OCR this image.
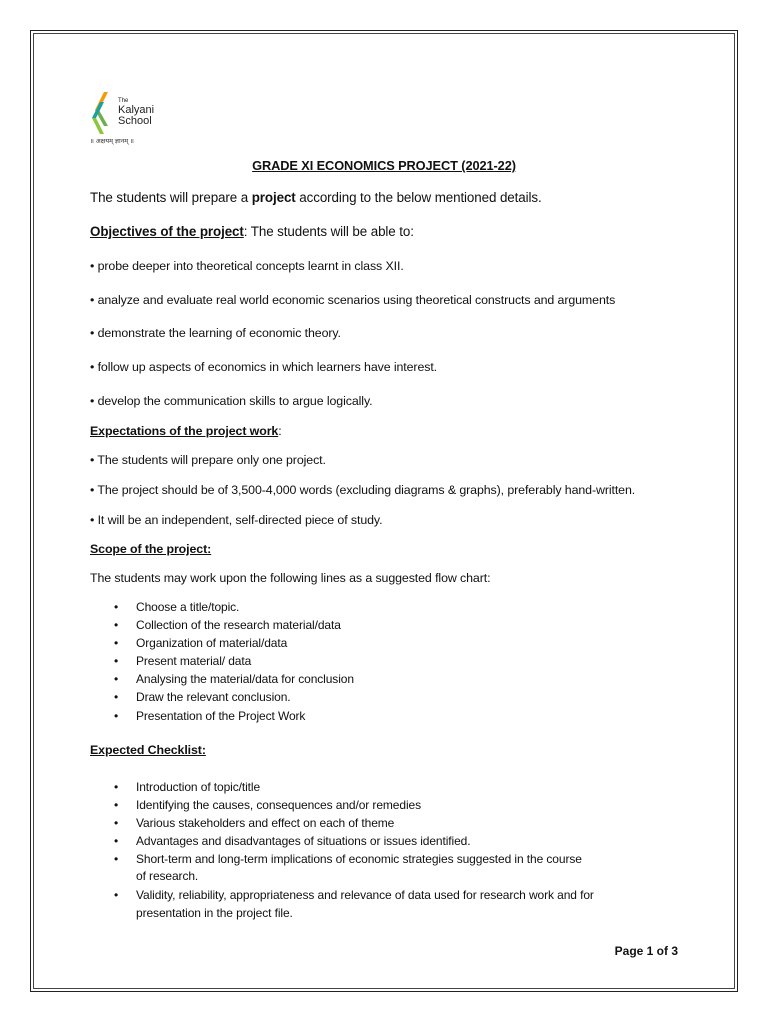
The
Kalyani
School
॥ अक्षयम् ज्ञानम् ॥
GRADE XI ECONOMICS PROJECT (2021-22)
The students will prepare a project according to the below mentioned details.
Objectives of the project: The students will be able to:
• probe deeper into theoretical concepts learnt in class XII.
• analyze and evaluate real world economic scenarios using theoretical constructs and arguments
• demonstrate the learning of economic theory.
• follow up aspects of economics in which learners have interest.
• develop the communication skills to argue logically.
Expectations of the project work:
• The students will prepare only one project.
• The project should be of 3,500-4,000 words (excluding diagrams & graphs), preferably hand-written.
• It will be an independent, self-directed piece of study.
Scope of the project:
The students may work upon the following lines as a suggested flow chart:
• Choose a title/topic.
• Collection of the research material/data
• Organization of material/data
• Present material/ data
• Analysing the material/data for conclusion
• Draw the relevant conclusion.
• Presentation of the Project Work
Expected Checklist:
• Introduction of topic/title
• Identifying the causes, consequences and/or remedies
• Various stakeholders and effect on each of theme
• Advantages and disadvantages of situations or issues identified.
• Short-term and long-term implications of economic strategies suggested in the course
of research.
• Validity, reliability, appropriateness and relevance of data used for research work and for
presentation in the project file.
Page 1 of 3
